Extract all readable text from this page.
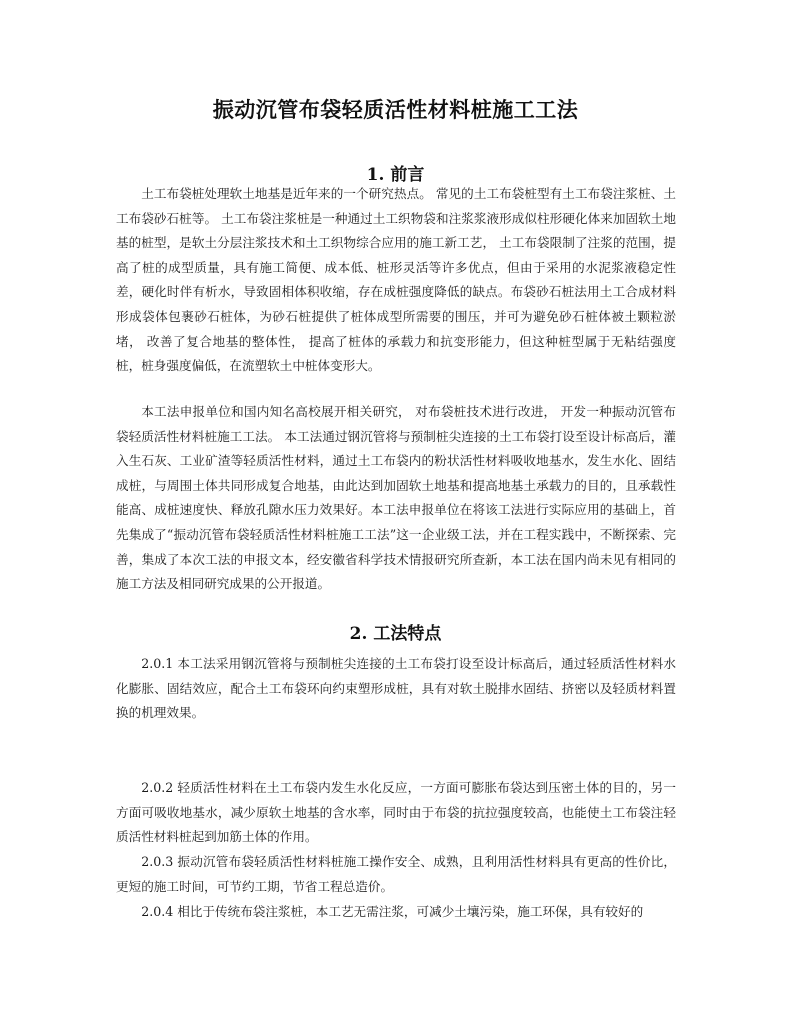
振动沉管布袋轻质活性材料桩施工工法
1. 前言

土工布袋桩处理软土地基是近年来的一个研究热点。 常见的土工布袋桩型有土工布袋注浆桩、土工布袋砂石桩等。 土工布袋注浆桩是一种通过土工织物袋和注浆浆液形成似柱形硬化体来加固软土地基的桩型，是软土分层注浆技术和土工织物综合应用的施工新工艺， 土工布袋限制了注浆的范围，提高了桩的成型质量，具有施工简便、成本低、桩形灵活等许多优点，但由于采用的水泥浆液稳定性差，硬化时伴有析水，导致固相体积收缩，存在成桩强度降低的缺点。布袋砂石桩法用土工合成材料形成袋体包裹砂石桩体，为砂石桩提供了桩体成型所需要的围压，并可为避免砂石桩体被土颗粒淤堵， 改善了复合地基的整体性， 提高了桩体的承载力和抗变形能力，但这种桩型属于无粘结强度桩，桩身强度偏低，在流塑软土中桩体变形大。

本工法申报单位和国内知名高校展开相关研究， 对布袋桩技术进行改进， 开发一种振动沉管布袋轻质活性材料桩施工工法。 本工法通过钢沉管将与预制桩尖连接的土工布袋打设至设计标高后，灌入生石灰、工业矿渣等轻质活性材料，通过土工布袋内的粉状活性材料吸收地基水，发生水化、固结成桩，与周围土体共同形成复合地基，由此达到加固软土地基和提高地基土承载力的目的，且承载性能高、成桩速度快、释放孔隙水压力效果好。本工法申报单位在将该工法进行实际应用的基础上，首先集成了“振动沉管布袋轻质活性材料桩施工工法”这一企业级工法，并在工程实践中，不断探索、完善，集成了本次工法的申报文本，经安徽省科学技术情报研究所查新，本工法在国内尚未见有相同的施工方法及相同研究成果的公开报道。

2. 工法特点

2.0.1 本工法采用钢沉管将与预制桩尖连接的土工布袋打设至设计标高后，通过轻质活性材料水化膨胀、固结效应，配合土工布袋环向约束塑形成桩，具有对软土脱排水固结、挤密以及轻质材料置换的机理效果。

2.0.2 轻质活性材料在土工布袋内发生水化反应，一方面可膨胀布袋达到压密土体的目的，另一方面可吸收地基水，减少原软土地基的含水率，同时由于布袋的抗拉强度较高，也能使土工布袋注轻质活性材料桩起到加筋土体的作用。

2.0.3 振动沉管布袋轻质活性材料桩施工操作安全、成熟，且利用活性材料具有更高的性价比，更短的施工时间，可节约工期，节省工程总造价。

2.0.4 相比于传统布袋注浆桩，本工艺无需注浆，可减少土壤污染，施工环保，具有较好的
